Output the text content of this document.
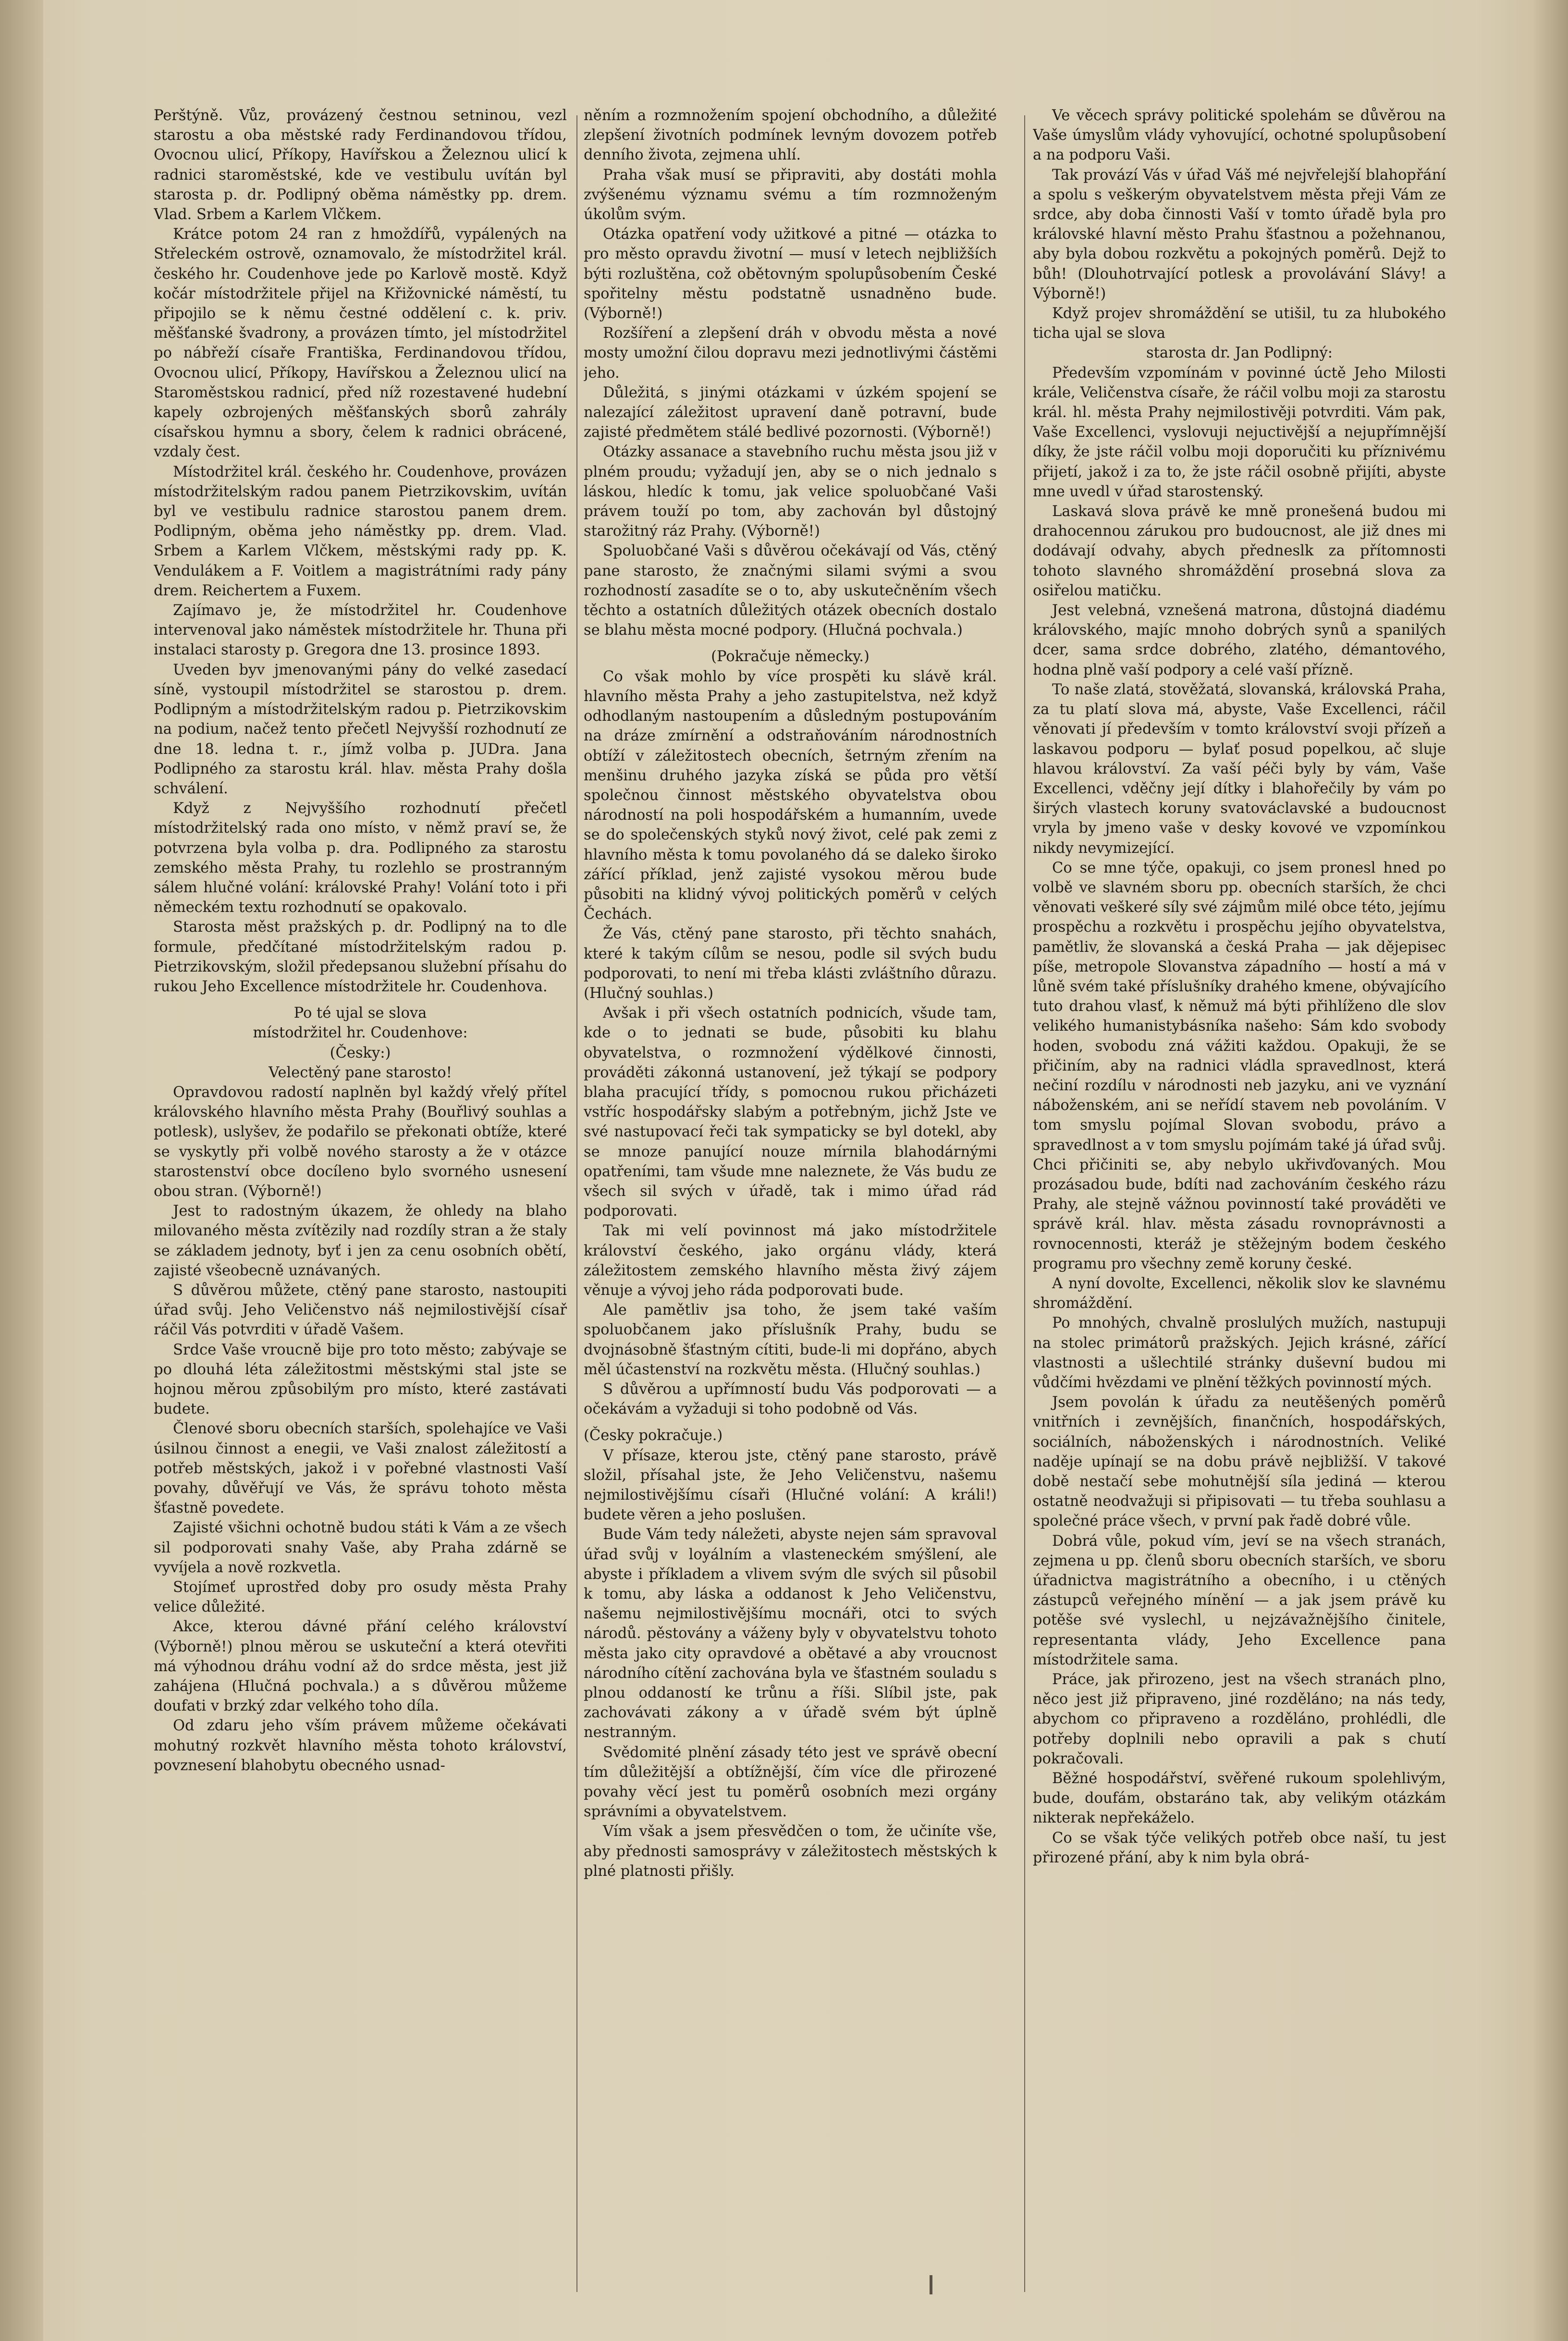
Perštýně. Vůz, provázený čestnou setninou, vezl starostu a oba městské rady Ferdinandovou třídou, Ovocnou ulicí, Příkopy, Havířskou a Železnou ulicí k radnici staroměstské, kde ve vestibulu uvítán byl starosta p. dr. Podlipný oběma náměstky pp. drem. Vlad. Srbem a Karlem Vlčkem.

Krátce potom 24 ran z hmoždířů, vypálených na Střeleckém ostrově, oznamovalo, že místodržitel král. českého hr. Coudenhove jede po Karlově mostě. Když kočár místodržitele přijel na Křižovnické náměstí, tu připojilo se k němu čestné oddělení c. k. priv. měšťanské švadrony, a provázen tímto, jel místodržitel po nábřeží císaře Františka, Ferdinandovou třídou, Ovocnou ulicí, Příkopy, Havířskou a Železnou ulicí na Staroměstskou radnicí, před níž rozestavené hudební kapely ozbrojených měšťanských sborů zahrály císařskou hymnu a sbory, čelem k radnici obrácené, vzdaly čest.

Místodržitel král. českého hr. Coudenhove, provázen místodržitelským radou panem Pietrzikovskim, uvítán byl ve vestibulu radnice starostou panem drem. Podlipným, oběma jeho náměstky pp. drem. Vlad. Srbem a Karlem Vlčkem, městskými rady pp. K. Vendulákem a F. Voitlem a magistrátními rady pány drem. Reichertem a Fuxem.

Zajímavo je, že místodržitel hr. Coudenhove intervenoval jako náměstek místodržitele hr. Thuna při instalaci starosty p. Gregora dne 13. prosince 1893.

Uveden byv jmenovanými pány do velké zasedací síně, vystoupil místodržitel se starostou p. drem. Podlipným a místodržitelským radou p. Pietrzikovskim na podium, načež tento přečetl Nejvyšší rozhodnutí ze dne 18. ledna t. r., jímž volba p. JUDra. Jana Podlipného za starostu král. hlav. města Prahy došla schválení.

Když z Nejvyššího rozhodnutí přečetl místodržitelský rada ono místo, v němž praví se, že potvrzena byla volba p. dra. Podlipného za starostu zemského města Prahy, tu rozlehlo se prostranným sálem hlučné volání: královské Prahy! Volání toto i při německém textu rozhodnutí se opakovalo.

Starosta měst pražských p. dr. Podlipný na to dle formule, předčítané místodržitelským radou p. Pietrzikovským, složil předepsanou služební přísahu do rukou Jeho Excellence místodržitele hr. Coudenhova.

Po té ujal se slova

místodržitel hr. Coudenhove:

(Česky:)

Velectěný pane starosto!

Opravdovou radostí naplněn byl každý vřelý přítel královského hlavního města Prahy (Bouřlivý souhlas a potlesk), uslyšev, že podařilo se překonati obtíže, které se vyskytly při volbě nového starosty a že v otázce starostenství obce docíleno bylo svorného usnesení obou stran. (Výborně!)

Jest to radostným úkazem, že ohledy na blaho milovaného města zvítězily nad rozdíly stran a že staly se základem jednoty, byť i jen za cenu osobních obětí, zajisté všeobecně uznávaných.

S důvěrou můžete, ctěný pane starosto, nastoupiti úřad svůj. Jeho Veličenstvo náš nejmilostivější císař ráčil Vás potvrditi v úřadě Vašem.

Srdce Vaše vroucně bije pro toto město; zabývaje se po dlouhá léta záležitostmi městskými stal jste se hojnou měrou způsobilým pro místo, které zastávati budete.

Členové sboru obecních starších, spolehajíce ve Vaši úsilnou činnost a enegii, ve Vaši znalost záležitostí a potřeb městských, jakož i v pořebné vlastnosti Vaší povahy, důvěřují ve Vás, že správu tohoto města šťastně povedete.

Zajisté všichni ochotně budou státi k Vám a ze všech sil podporovati snahy Vaše, aby Praha zdárně se vyvíjela a nově rozkvetla.

Stojímeť uprostřed doby pro osudy města Prahy velice důležité.

Akce, kterou dávné přání celého království (Výborně!) plnou měrou se uskuteční a která otevřiti má výhodnou dráhu vodní až do srdce města, jest již zahájena (Hlučná pochvala.) a s důvěrou můžeme doufati v brzký zdar velkého toho díla.

Od zdaru jeho vším právem můžeme očekávati mohutný rozkvět hlavního města tohoto království, povznesení blahobytu obecného usnad-

něním a rozmnožením spojení obchodního, a důležité zlepšení životních podmínek levným dovozem potřeb denního života, zejmena uhlí.

Praha však musí se připraviti, aby dostáti mohla zvýšenému významu svému a tím rozmnoženým úkolům svým.

Otázka opatření vody užitkové a pitné — otázka to pro město opravdu životní — musí v letech nejbližších býti rozluštěna, což obětovným spolupůsobením České spořitelny městu podstatně usnadněno bude. (Výborně!)

Rozšíření a zlepšení dráh v obvodu města a nové mosty umožní čilou dopravu mezi jednotlivými částěmi jeho.

Důležitá, s jinými otázkami v úzkém spojení se nalezající záležitost upravení daně potravní, bude zajisté předmětem stálé bedlivé pozornosti. (Výborně!)

Otázky assanace a stavebního ruchu města jsou již v plném proudu; vyžadují jen, aby se o nich jednalo s láskou, hledíc k tomu, jak velice spoluobčané Vaši právem touží po tom, aby zachován byl důstojný starožitný ráz Prahy. (Výborně!)

Spoluobčané Vaši s důvěrou očekávají od Vás, ctěný pane starosto, že značnými silami svými a svou rozhodností zasadíte se o to, aby uskutečněním všech těchto a ostatních důležitých otázek obecních dostalo se blahu města mocné podpory. (Hlučná pochvala.)

(Pokračuje německy.)

Co však mohlo by více prospěti ku slávě král. hlavního města Prahy a jeho zastupitelstva, než když odhodlaným nastoupením a důsledným postupováním na dráze zmírnění a odstraňováním národnostních obtíží v záležitostech obecních, šetrným zřením na menšinu druhého jazyka získá se půda pro větší společnou činnost městského obyvatelstva obou národností na poli hospodářském a humanním, uvede se do společenských styků nový život, celé pak zemi z hlavního města k tomu povolaného dá se daleko široko zářící příklad, jenž zajisté vysokou měrou bude působiti na klidný vývoj politických poměrů v celých Čechách.

Že Vás, ctěný pane starosto, při těchto snahách, které k takým cílům se nesou, podle sil svých budu podporovati, to není mi třeba klásti zvláštního důrazu. (Hlučný souhlas.)

Avšak i při všech ostatních podnicích, všude tam, kde o to jednati se bude, působiti ku blahu obyvatelstva, o rozmnožení výdělkové činnosti, prováděti zákonná ustanovení, jež týkají se podpory blaha pracující třídy, s pomocnou rukou přicházeti vstříc hospodářsky slabým a potřebným, jichž Jste ve své nastupovací řeči tak sympaticky se byl dotekl, aby se mnoze panující nouze mírnila blahodárnými opatřeními, tam všude mne naleznete, že Vás budu ze všech sil svých v úřadě, tak i mimo úřad rád podporovati.

Tak mi velí povinnost má jako místodržitele království českého, jako orgánu vlády, která záležitostem zemského hlavního města živý zájem věnuje a vývoj jeho ráda podporovati bude.

Ale pamětliv jsa toho, že jsem také vaším spoluobčanem jako příslušník Prahy, budu se dvojnásobně šťastným cítiti, bude-li mi dopřáno, abych měl účastenství na rozkvětu města. (Hlučný souhlas.)

S důvěrou a upřímností budu Vás podporovati — a očekávám a vyžaduji si toho podobně od Vás.

(Česky pokračuje.)

V přísaze, kterou jste, ctěný pane starosto, právě složil, přísahal jste, že Jeho Veličenstvu, našemu nejmilostivějšímu císaři (Hlučné volání: A králi!) budete věren a jeho poslušen.

Bude Vám tedy náležeti, abyste nejen sám spravoval úřad svůj v loyálním a vlasteneckém smýšlení, ale abyste i příkladem a vlivem svým dle svých sil působil k tomu, aby láska a oddanost k Jeho Veličenstvu, našemu nejmilostivějšímu mocnáři, otci to svých národů. pěstovány a váženy byly v obyvatelstvu tohoto města jako city opravdové a obětavé a aby vroucnost národního cítění zachována byla ve šťastném souladu s plnou oddaností ke trůnu a říši. Slíbil jste, pak zachovávati zákony a v úřadě svém být úplně nestranným.

Svědomité plnění zásady této jest ve správě obecní tím důležitější a obtížnější, čím více dle přirozené povahy věcí jest tu poměrů osobních mezi orgány správními a obyvatelstvem.

Vím však a jsem přesvědčen o tom, že učiníte vše, aby přednosti samosprávy v záležitostech městských k plné platnosti přišly.

Ve věcech správy politické spolehám se důvěrou na Vaše úmyslům vlády vyhovující, ochotné spolupůsobení a na podporu Vaši.

Tak provází Vás v úřad Váš mé nejvřelejší blahopřání a spolu s veškerým obyvatelstvem města přeji Vám ze srdce, aby doba činnosti Vaší v tomto úřadě byla pro královské hlavní město Prahu šťastnou a požehnanou, aby byla dobou rozkvětu a pokojných poměrů. Dejž to bůh! (Dlouhotrvající potlesk a provolávání Slávy! a Výborně!)

Když projev shromáždění se utišil, tu za hlubokého ticha ujal se slova

starosta dr. Jan Podlipný:

Především vzpomínám v povinné úctě Jeho Milosti krále, Veličenstva císaře, že ráčil volbu moji za starostu král. hl. města Prahy nejmilostivěji potvrditi. Vám pak, Vaše Excellenci, vyslovuji nejuctivější a nejupřímnější díky, že jste ráčil volbu moji doporučiti ku příznivému přijetí, jakož i za to, že jste ráčil osobně přijíti, abyste mne uvedl v úřad starostenský.

Laskavá slova právě ke mně pronešená budou mi drahocennou zárukou pro budoucnost, ale již dnes mi dodávají odvahy, abych předneslk za přítomnosti tohoto slavného shromáždění prosebná slova za osiřelou matičku.

Jest velebná, vznešená matrona, důstojná diadému královského, majíc mnoho dobrých synů a spanilých dcer, sama srdce dobrého, zlatého, démantového, hodna plně vaší podpory a celé vaší přízně.

To naše zlatá, stověžatá, slovanská, královská Praha, za tu platí slova má, abyste, Vaše Excellenci, ráčil věnovati jí především v tomto království svoji přízeň a laskavou podporu — bylať posud popelkou, ač sluje hlavou království. Za vaší péči byly by vám, Vaše Excellenci, vděčny její dítky i blahořečily by vám po širých vlastech koruny svatováclavské a budoucnost vryla by jmeno vaše v desky kovové ve vzpomínkou nikdy nevymizející.

Co se mne týče, opakuji, co jsem pronesl hned po volbě ve slavném sboru pp. obecních starších, že chci věnovati veškeré síly své zájmům milé obce této, jejímu prospěchu a rozkvětu i prospěchu jejího obyvatelstva, pamětliv, že slovanská a česká Praha — jak dějepisec píše, metropole Slovanstva západního — hostí a má v lůně svém také příslušníky drahého kmene, obývajícího tuto drahou vlasť, k němuž má býti přihlíženo dle slov velikého humanistybásníka našeho: Sám kdo svobody hoden, svobodu zná vážiti každou. Opakuji, že se přičiním, aby na radnici vládla spravedlnost, která nečiní rozdílu v národnosti neb jazyku, ani ve vyznání náboženském, ani se neřídí stavem neb povoláním. V tom smyslu pojímal Slovan svobodu, právo a spravedlnost a v tom smyslu pojímám také já úřad svůj. Chci přičiniti se, aby nebylo ukřivďovaných. Mou prozásadou bude, bdíti nad zachováním českého rázu Prahy, ale stejně vážnou povinností také prováděti ve správě král. hlav. města zásadu rovnoprávnosti a rovnocennosti, kteráž je stěžejným bodem českého programu pro všechny země koruny české.

A nyní dovolte, Excellenci, několik slov ke slavnému shromáždění.

Po mnohých, chvalně proslulých mužích, nastupuji na stolec primátorů pražských. Jejich krásné, zářící vlastnosti a ušlechtilé stránky duševní budou mi vůdčími hvězdami ve plnění těžkých povinností mých.

Jsem povolán k úřadu za neutěšených poměrů vnitřních i zevnějších, finančních, hospodářských, sociálních, náboženských i národnostních. Veliké naděje upínají se na dobu právě nejbližší. V takové době nestačí sebe mohutnější síla jediná — kterou ostatně neodvažuji si připisovati — tu třeba souhlasu a společné práce všech, v první pak řadě dobré vůle.

Dobrá vůle, pokud vím, jeví se na všech stranách, zejmena u pp. členů sboru obecních starších, ve sboru úřadnictva magistrátního a obecního, i u ctěných zástupců veřejného mínění — a jak jsem právě ku potěše své vyslechl, u nejzávažnějšího činitele, representanta vlády, Jeho Excellence pana místodržitele sama.

Práce, jak přirozeno, jest na všech stranách plno, něco jest již připraveno, jiné rozděláno; na nás tedy, abychom co připraveno a rozděláno, prohlédli, dle potřeby doplnili nebo opravili a pak s chutí pokračovali.

Běžné hospodářství, svěřené rukoum spolehlivým, bude, doufám, obstaráno tak, aby velikým otázkám nikterak nepřekáželo.

Co se však týče velikých potřeb obce naší, tu jest přirozené přání, aby k nim byla obrá-
